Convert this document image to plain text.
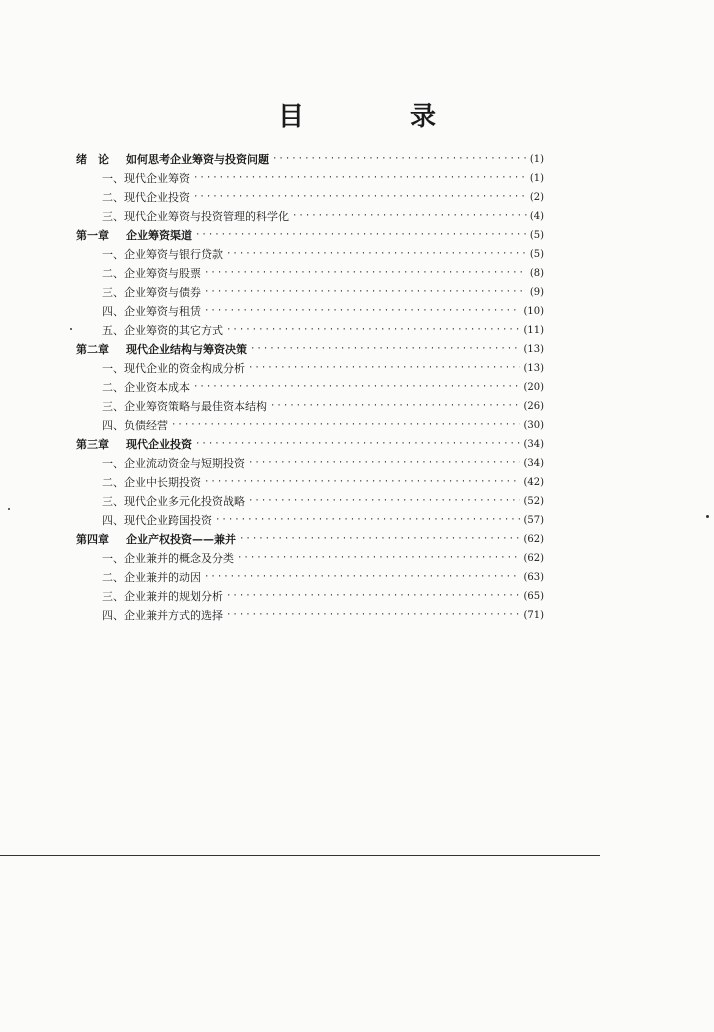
目　录
绪　论 如何思考企业筹资与投资问题 ·····	(1)
一、现代企业筹资 ·····	(1)
二、现代企业投资 ·····	(2)
三、现代企业筹资与投资管理的科学化 ·····	(4)
第一章 企业筹资渠道 ·····	(5)
一、企业筹资与银行贷款 ·····	(5)
二、企业筹资与股票 ·····	(8)
三、企业筹资与债券 ·····	(9)
四、企业筹资与租赁 ·····	(10)
五、企业筹资的其它方式 ·····	(11)
第二章 现代企业结构与筹资决策 ·····	(13)
一、现代企业的资金构成分析 ·····	(13)
二、企业资本成本 ·····	(20)
三、企业筹资策略与最佳资本结构 ·····	(26)
四、负债经营 ·····	(30)
第三章 现代企业投资 ·····	(34)
一、企业流动资金与短期投资 ·····	(34)
二、企业中长期投资 ·····	(42)
三、现代企业多元化投资战略 ·····	(52)
四、现代企业跨国投资 ·····	(57)
第四章 企业产权投资——兼并 ·····	(62)
一、企业兼并的概念及分类 ·····	(62)
二、企业兼并的动因 ·····	(63)
三、企业兼并的规划分析 ·····	(65)
四、企业兼并方式的选择 ·····	(71)
